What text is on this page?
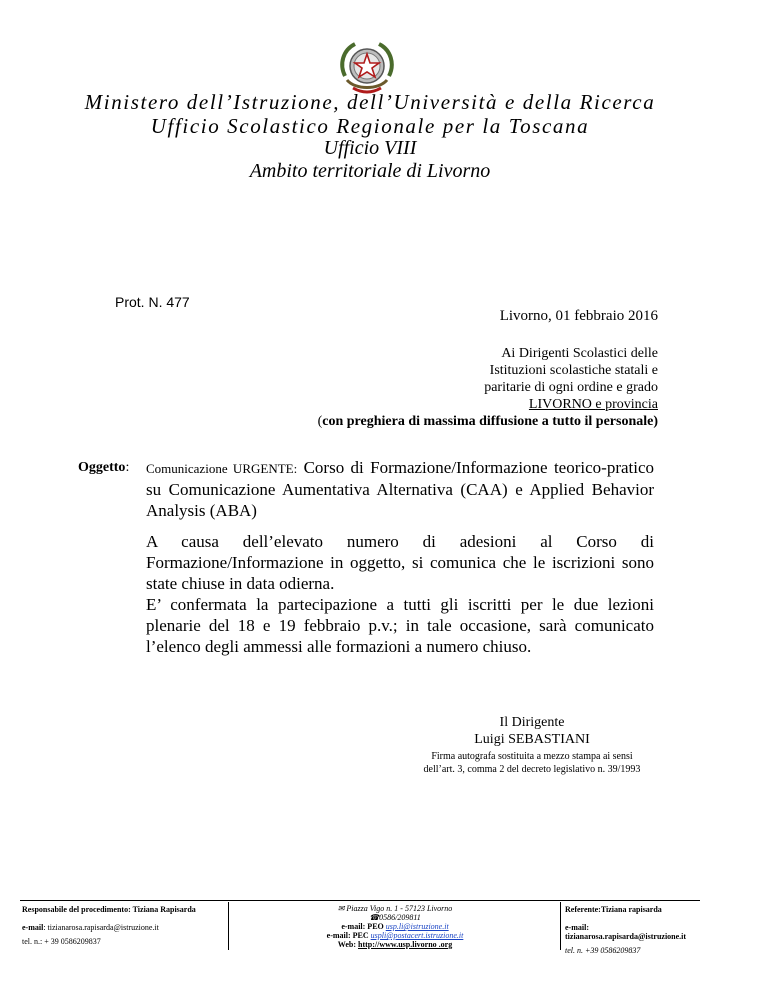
Ministero dell’Istruzione, dell’Università e della Ricerca
Ufficio Scolastico Regionale per la Toscana
Ufficio VIII
Ambito territoriale di Livorno
Prot. N. 477
Livorno, 01 febbraio 2016
Ai Dirigenti Scolastici delle
Istituzioni scolastiche statali e
paritarie di ogni ordine e grado
LIVORNO e provincia
(con preghiera di massima diffusione a tutto il personale)
Oggetto: Comunicazione URGENTE: Corso di Formazione/Informazione teorico-pratico su Comunicazione Aumentativa Alternativa (CAA) e Applied Behavior Analysis (ABA)

A causa dell’elevato numero di adesioni al Corso di Formazione/Informazione in oggetto, si comunica che le iscrizioni sono state chiuse in data odierna.

E’ confermata la partecipazione a tutti gli iscritti per le due lezioni plenarie del 18 e 19 febbraio p.v.; in tale occasione, sarà comunicato l’elenco degli ammessi alle formazioni a numero chiuso.

Il Dirigente
Luigi SEBASTIANI
Firma autografa sostituita a mezzo stampa ai sensi
dell’art. 3, comma 2 del decreto legislativo n. 39/1993
Responsabile del procedimento: Tiziana Rapisarda
e-mail: tizianarosa.rapisarda@istruzione.it
tel. n.: + 39 0586209837
✉ Piazza Vigo n. 1 - 57123 Livorno
☎0586/209811
e-mail: PEO usp.li@istruzione.it
e-mail: PEC uspli@postacert.istruzione.it
Web: http://www.usp.livorno .org
Referente:Tiziana rapisarda
e-mail:
tizianarosa.rapisarda@istruzione.it
tel. n. +39 0586209837
